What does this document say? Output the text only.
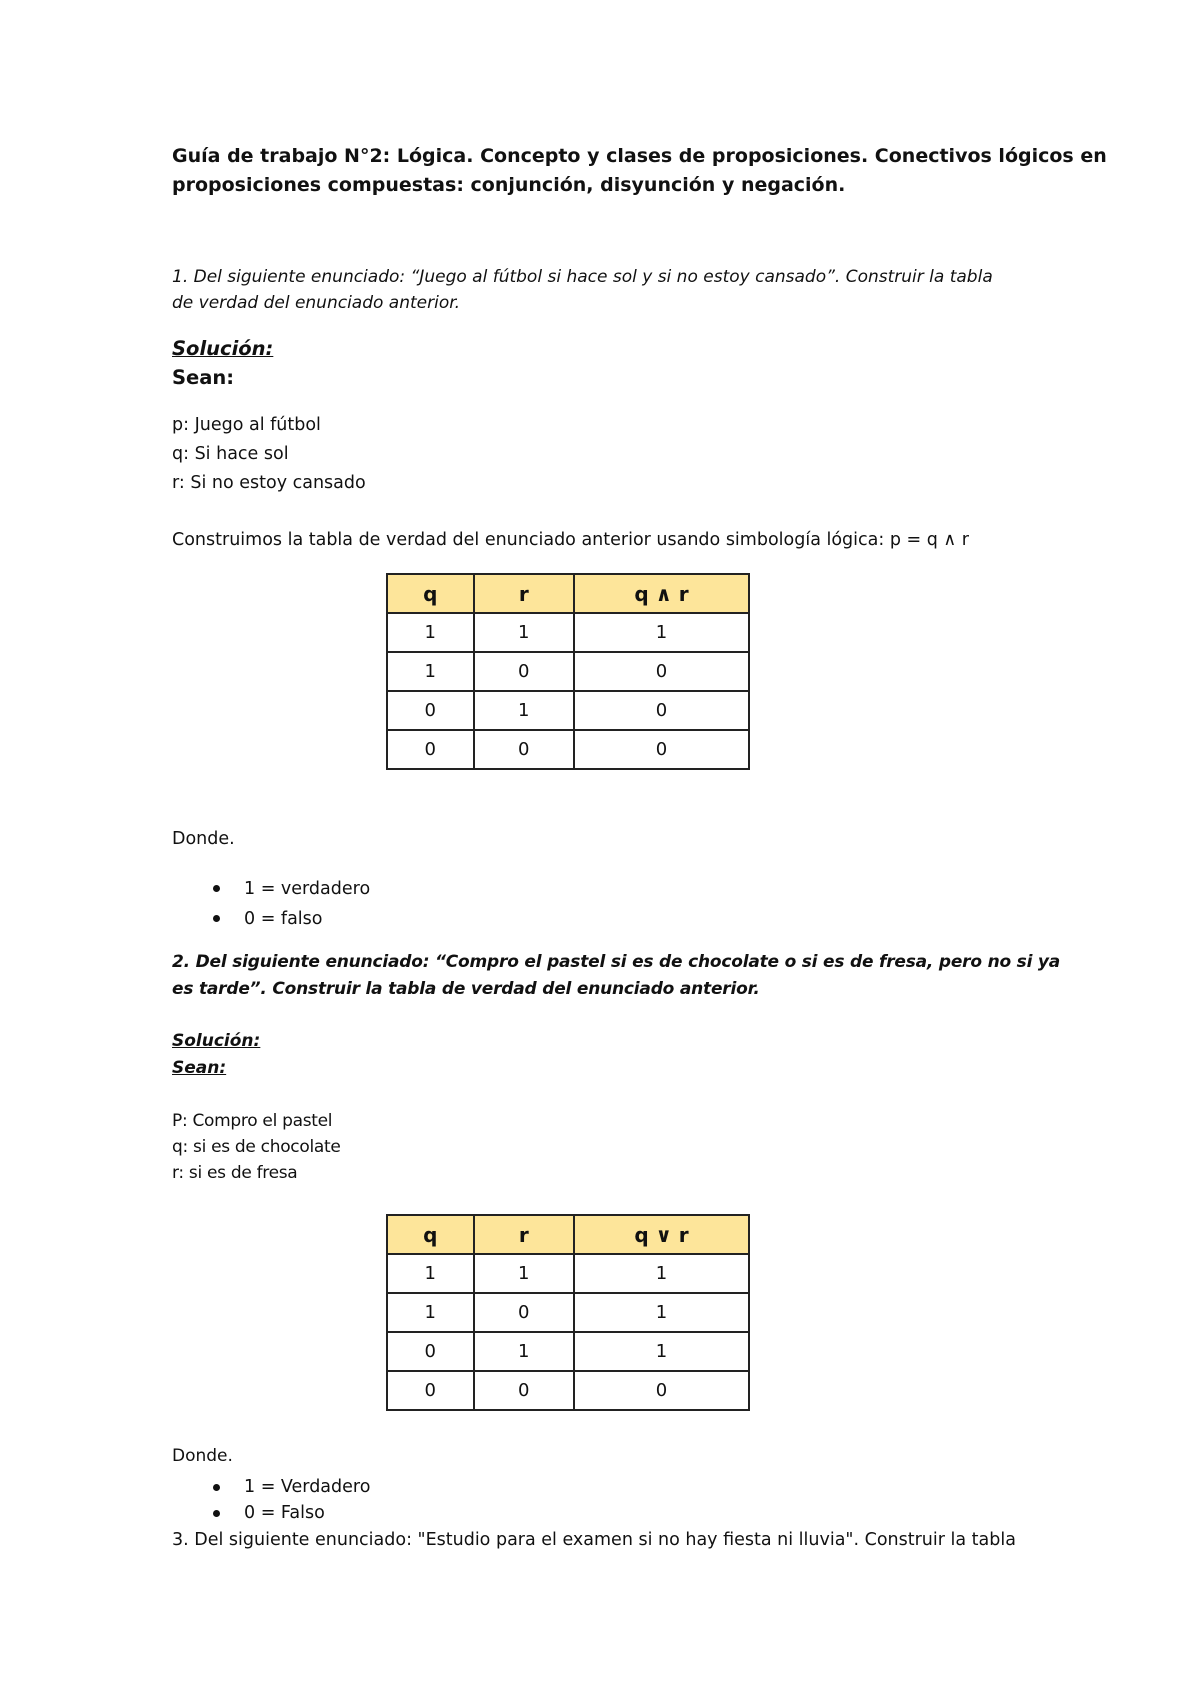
Guía de trabajo N°2: Lógica. Concepto y clases de proposiciones. Conectivos lógicos en
proposiciones compuestas: conjunción, disyunción y negación.
1. Del siguiente enunciado: “Juego al fútbol si hace sol y si no estoy cansado”. Construir la tabla
de verdad del enunciado anterior.
Solución:
Sean:
p: Juego al fútbol
q: Si hace sol
r: Si no estoy cansado
Construimos la tabla de verdad del enunciado anterior usando simbología lógica: p = q ∧ r
q	r	q ∧ r
1	1	1
1	0	0
0	1	0
0	0	0
Donde.
1 = verdadero
0 = falso
2. Del siguiente enunciado: “Compro el pastel si es de chocolate o si es de fresa, pero no si ya
es tarde”. Construir la tabla de verdad del enunciado anterior.
Solución:
Sean:
P: Compro el pastel
q: si es de chocolate
r: si es de fresa
q	r	q ∨ r
1	1	1
1	0	1
0	1	1
0	0	0
Donde.
1 = Verdadero
0 = Falso
3. Del siguiente enunciado: "Estudio para el examen si no hay fiesta ni lluvia". Construir la tabla
